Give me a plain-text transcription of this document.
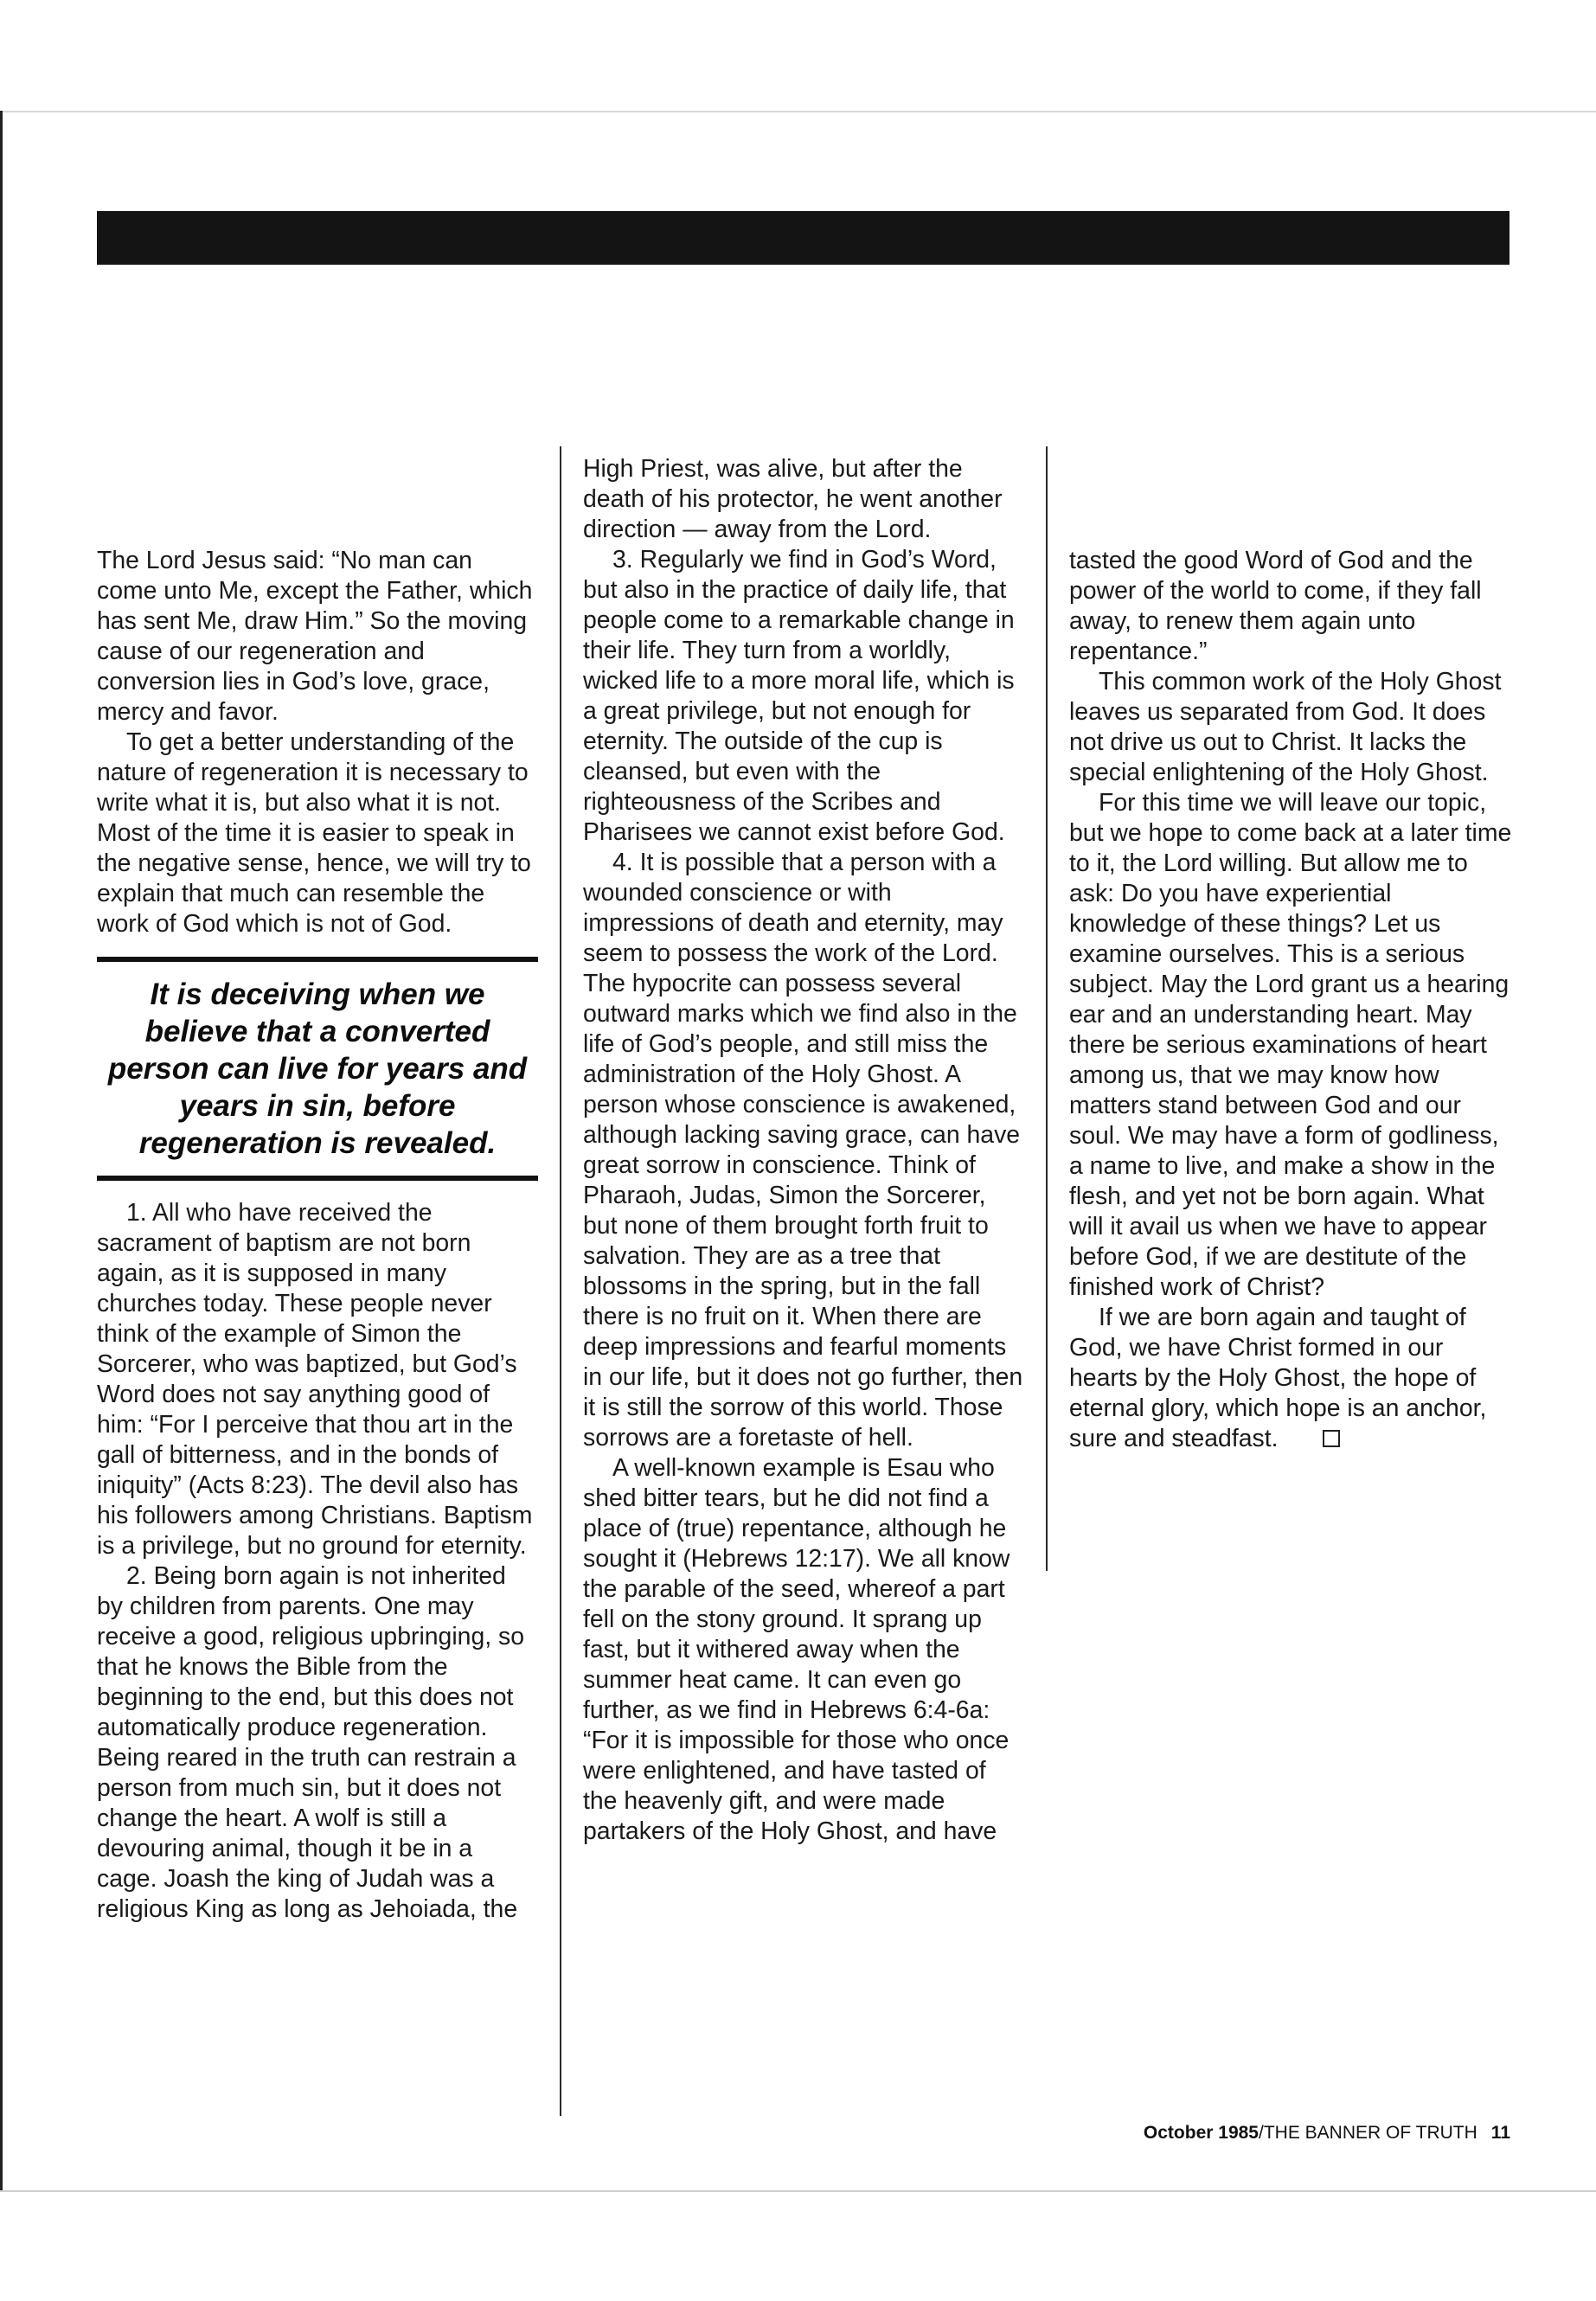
The Lord Jesus said: “No man can come unto Me, except the Father, which has sent Me, draw Him.” So the moving cause of our regeneration and conversion lies in God’s love, grace, mercy and favor.

To get a better understanding of the nature of regeneration it is necessary to write what it is, but also what it is not. Most of the time it is easier to speak in the negative sense, hence, we will try to explain that much can resemble the work of God which is not of God.

It is deceiving when we believe that a converted person can live for years and years in sin, before regeneration is revealed.

1. All who have received the sacrament of baptism are not born again, as it is supposed in many churches today. These people never think of the example of Simon the Sorcerer, who was baptized, but God’s Word does not say anything good of him: “For I perceive that thou art in the gall of bitterness, and in the bonds of iniquity” (Acts 8:23). The devil also has his followers among Christians. Baptism is a privilege, but no ground for eternity.

2. Being born again is not inherited by children from parents. One may receive a good, religious upbringing, so that he knows the Bible from the beginning to the end, but this does not automatically produce regeneration. Being reared in the truth can restrain a person from much sin, but it does not change the heart. A wolf is still a devouring animal, though it be in a cage. Joash the king of Judah was a religious King as long as Jehoiada, the

High Priest, was alive, but after the death of his protector, he went another direction — away from the Lord.

3. Regularly we find in God’s Word, but also in the practice of daily life, that people come to a remarkable change in their life. They turn from a worldly, wicked life to a more moral life, which is a great privilege, but not enough for eternity. The outside of the cup is cleansed, but even with the righteousness of the Scribes and Pharisees we cannot exist before God.

4. It is possible that a person with a wounded conscience or with impressions of death and eternity, may seem to possess the work of the Lord. The hypocrite can possess several outward marks which we find also in the life of God’s people, and still miss the administration of the Holy Ghost. A person whose conscience is awakened, although lacking saving grace, can have great sorrow in conscience. Think of Pharaoh, Judas, Simon the Sorcerer, but none of them brought forth fruit to salvation. They are as a tree that blossoms in the spring, but in the fall there is no fruit on it. When there are deep impressions and fearful moments in our life, but it does not go further, then it is still the sorrow of this world. Those sorrows are a foretaste of hell.

A well-known example is Esau who shed bitter tears, but he did not find a place of (true) repentance, although he sought it (Hebrews 12:17). We all know the parable of the seed, whereof a part fell on the stony ground. It sprang up fast, but it withered away when the summer heat came. It can even go further, as we find in Hebrews 6:4-6a: “For it is impossible for those who once were enlightened, and have tasted of the heavenly gift, and were made partakers of the Holy Ghost, and have

tasted the good Word of God and the power of the world to come, if they fall away, to renew them again unto repentance.”

This common work of the Holy Ghost leaves us separated from God. It does not drive us out to Christ. It lacks the special enlightening of the Holy Ghost.

For this time we will leave our topic, but we hope to come back at a later time to it, the Lord willing. But allow me to ask: Do you have experiential knowledge of these things? Let us examine ourselves. This is a serious subject. May the Lord grant us a hearing ear and an understanding heart. May there be serious examinations of heart among us, that we may know how matters stand between God and our soul. We may have a form of godliness, a name to live, and make a show in the flesh, and yet not be born again. What will it avail us when we have to appear before God, if we are destitute of the finished work of Christ?

If we are born again and taught of God, we have Christ formed in our hearts by the Holy Ghost, the hope of eternal glory, which hope is an anchor, sure and steadfast.

October 1985/THE BANNER OF TRUTH 11
